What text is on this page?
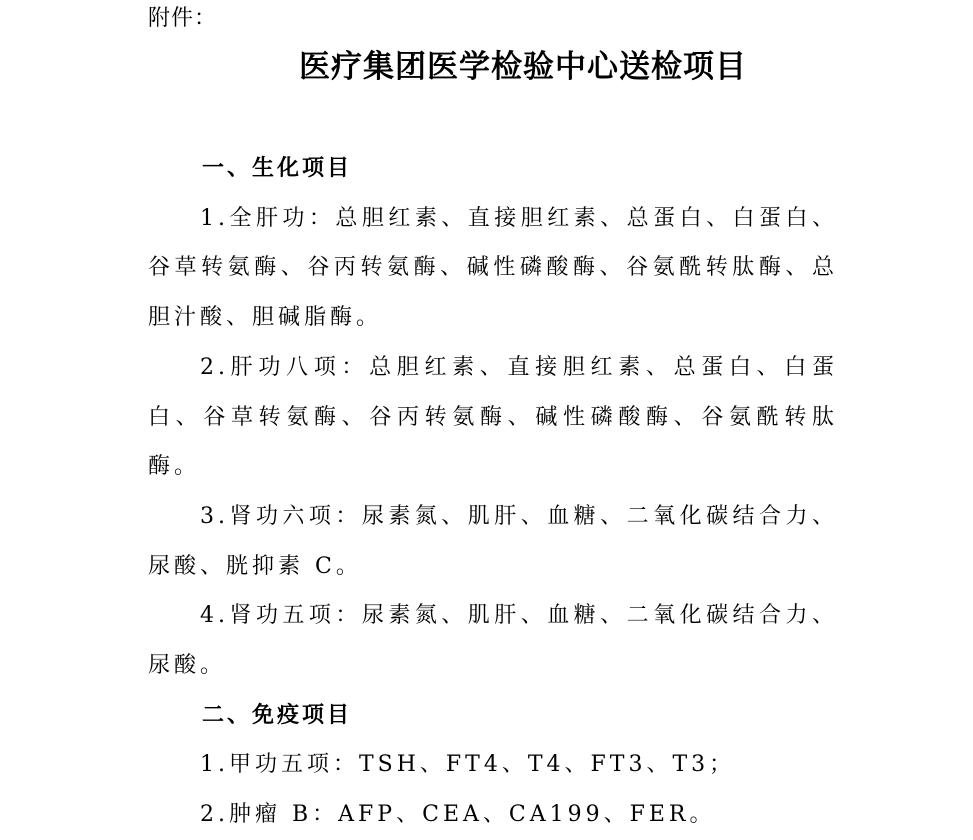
附件：
医疗集团医学检验中心送检项目

一、生化项目

1.全肝功：总胆红素、直接胆红素、总蛋白、白蛋白、谷草转氨酶、谷丙转氨酶、碱性磷酸酶、谷氨酰转肽酶、总胆汁酸、胆碱脂酶。

2.肝功八项：总胆红素、直接胆红素、总蛋白、白蛋白、谷草转氨酶、谷丙转氨酶、碱性磷酸酶、谷氨酰转肽酶。

3.肾功六项：尿素氮、肌肝、血糖、二氧化碳结合力、尿酸、胱抑素 C。

4.肾功五项：尿素氮、肌肝、血糖、二氧化碳结合力、尿酸。

二、免疫项目

1.甲功五项：TSH、FT4、T4、FT3、T3；

2.肿瘤 B：AFP、CEA、CA199、FER。
